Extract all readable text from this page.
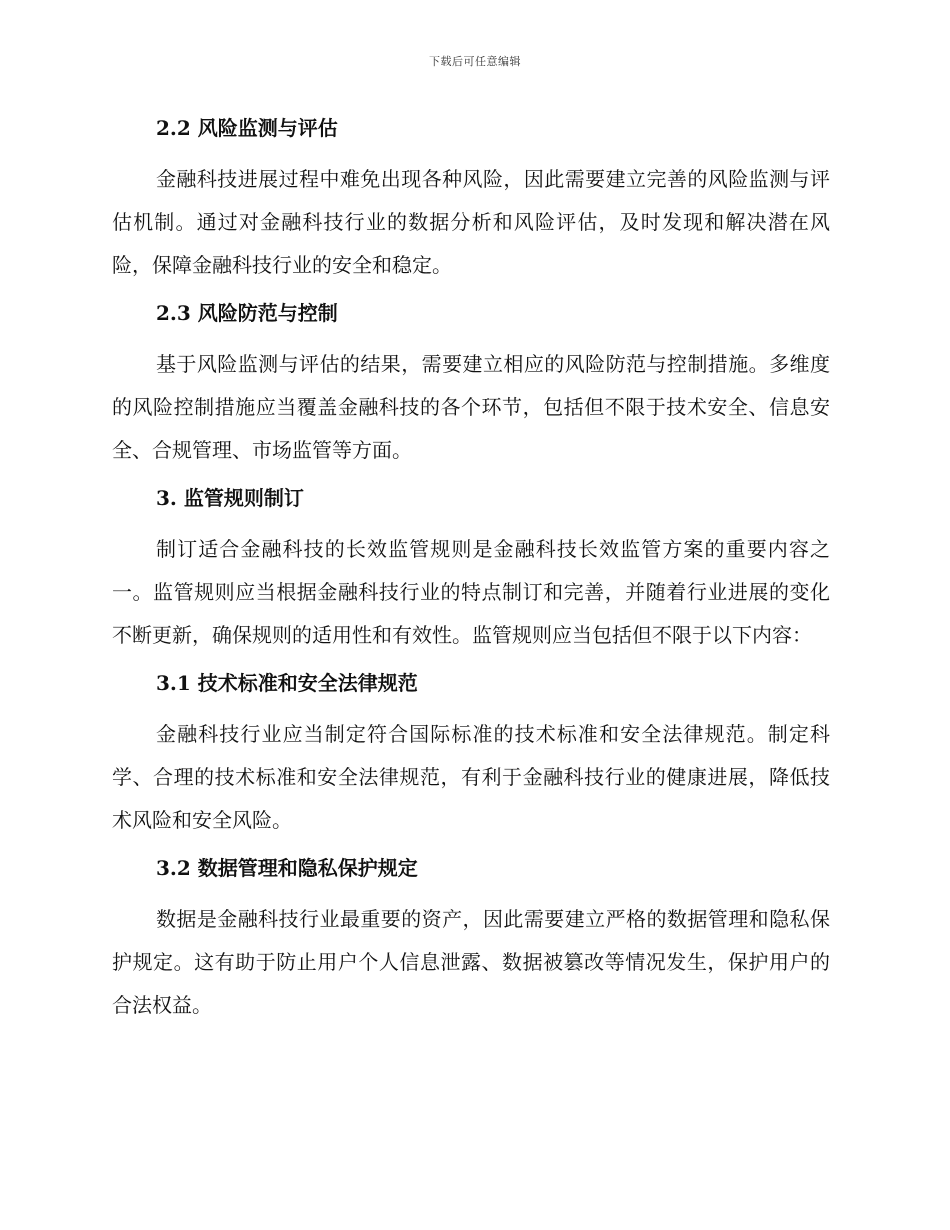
下载后可任意编辑
2.2 风险监测与评估

金融科技进展过程中难免出现各种风险，因此需要建立完善的风险监测与评估机制。通过对金融科技行业的数据分析和风险评估，及时发现和解决潜在风险，保障金融科技行业的安全和稳定。

2.3 风险防范与控制

基于风险监测与评估的结果，需要建立相应的风险防范与控制措施。多维度的风险控制措施应当覆盖金融科技的各个环节，包括但不限于技术安全、信息安全、合规管理、市场监管等方面。

3. 监管规则制订

制订适合金融科技的长效监管规则是金融科技长效监管方案的重要内容之一。监管规则应当根据金融科技行业的特点制订和完善，并随着行业进展的变化不断更新，确保规则的适用性和有效性。监管规则应当包括但不限于以下内容：

3.1 技术标准和安全法律规范

金融科技行业应当制定符合国际标准的技术标准和安全法律规范。制定科学、合理的技术标准和安全法律规范，有利于金融科技行业的健康进展，降低技术风险和安全风险。

3.2 数据管理和隐私保护规定

数据是金融科技行业最重要的资产，因此需要建立严格的数据管理和隐私保护规定。这有助于防止用户个人信息泄露、数据被篡改等情况发生，保护用户的合法权益。
